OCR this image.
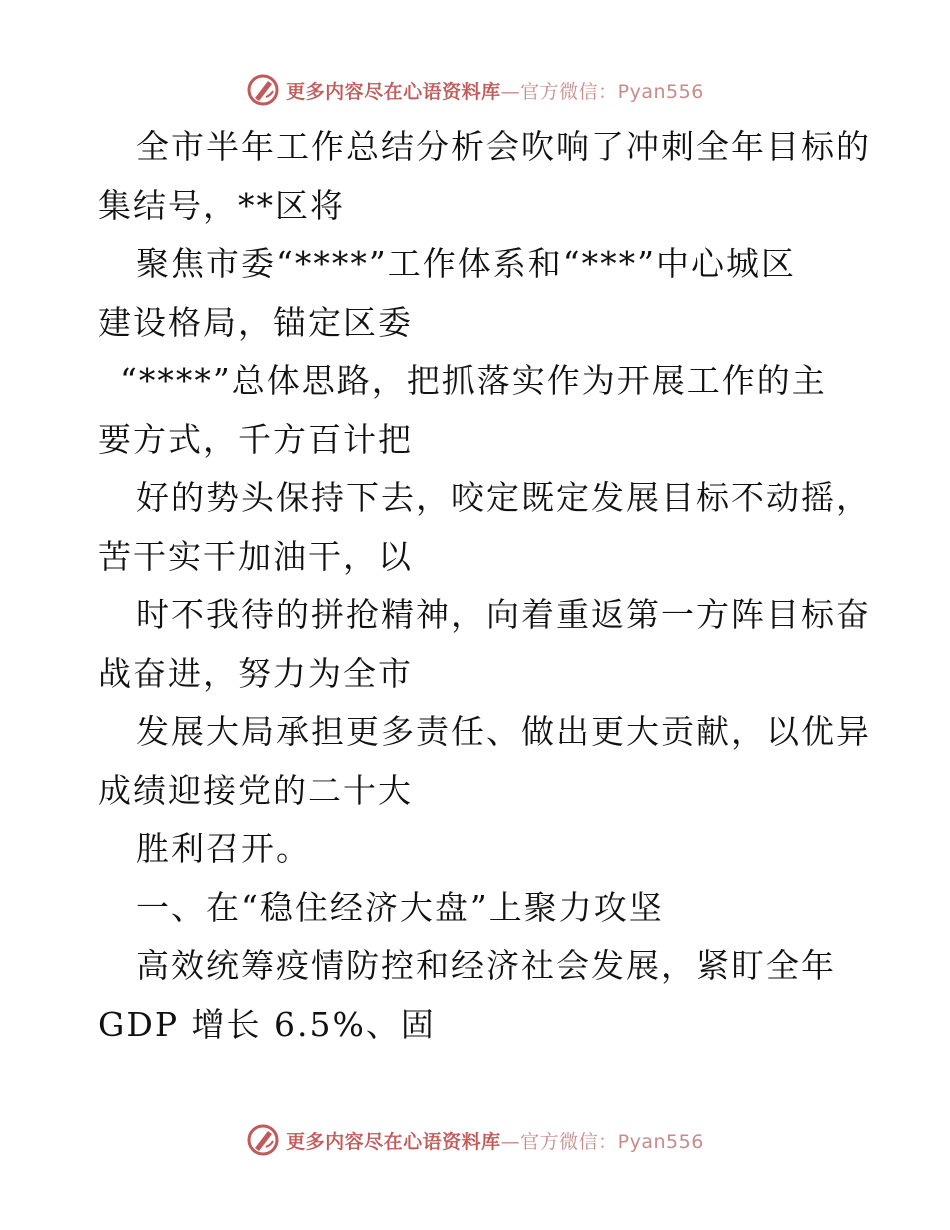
更多内容尽在心语资料库—官方微信：Pyan556
全市半年工作总结分析会吹响了冲刺全年目标的
集结号，**区将
聚焦市委“****”工作体系和“***”中心城区
建设格局，锚定区委
“****”总体思路，把抓落实作为开展工作的主
要方式，千方百计把
好的势头保持下去，咬定既定发展目标不动摇，
苦干实干加油干，以
时不我待的拼抢精神，向着重返第一方阵目标奋
战奋进，努力为全市
发展大局承担更多责任、做出更大贡献，以优异
成绩迎接党的二十大
胜利召开。
一、在“稳住经济大盘”上聚力攻坚
高效统筹疫情防控和经济社会发展，紧盯全年
GDP 增长 6.5%、固
更多内容尽在心语资料库—官方微信：Pyan556
